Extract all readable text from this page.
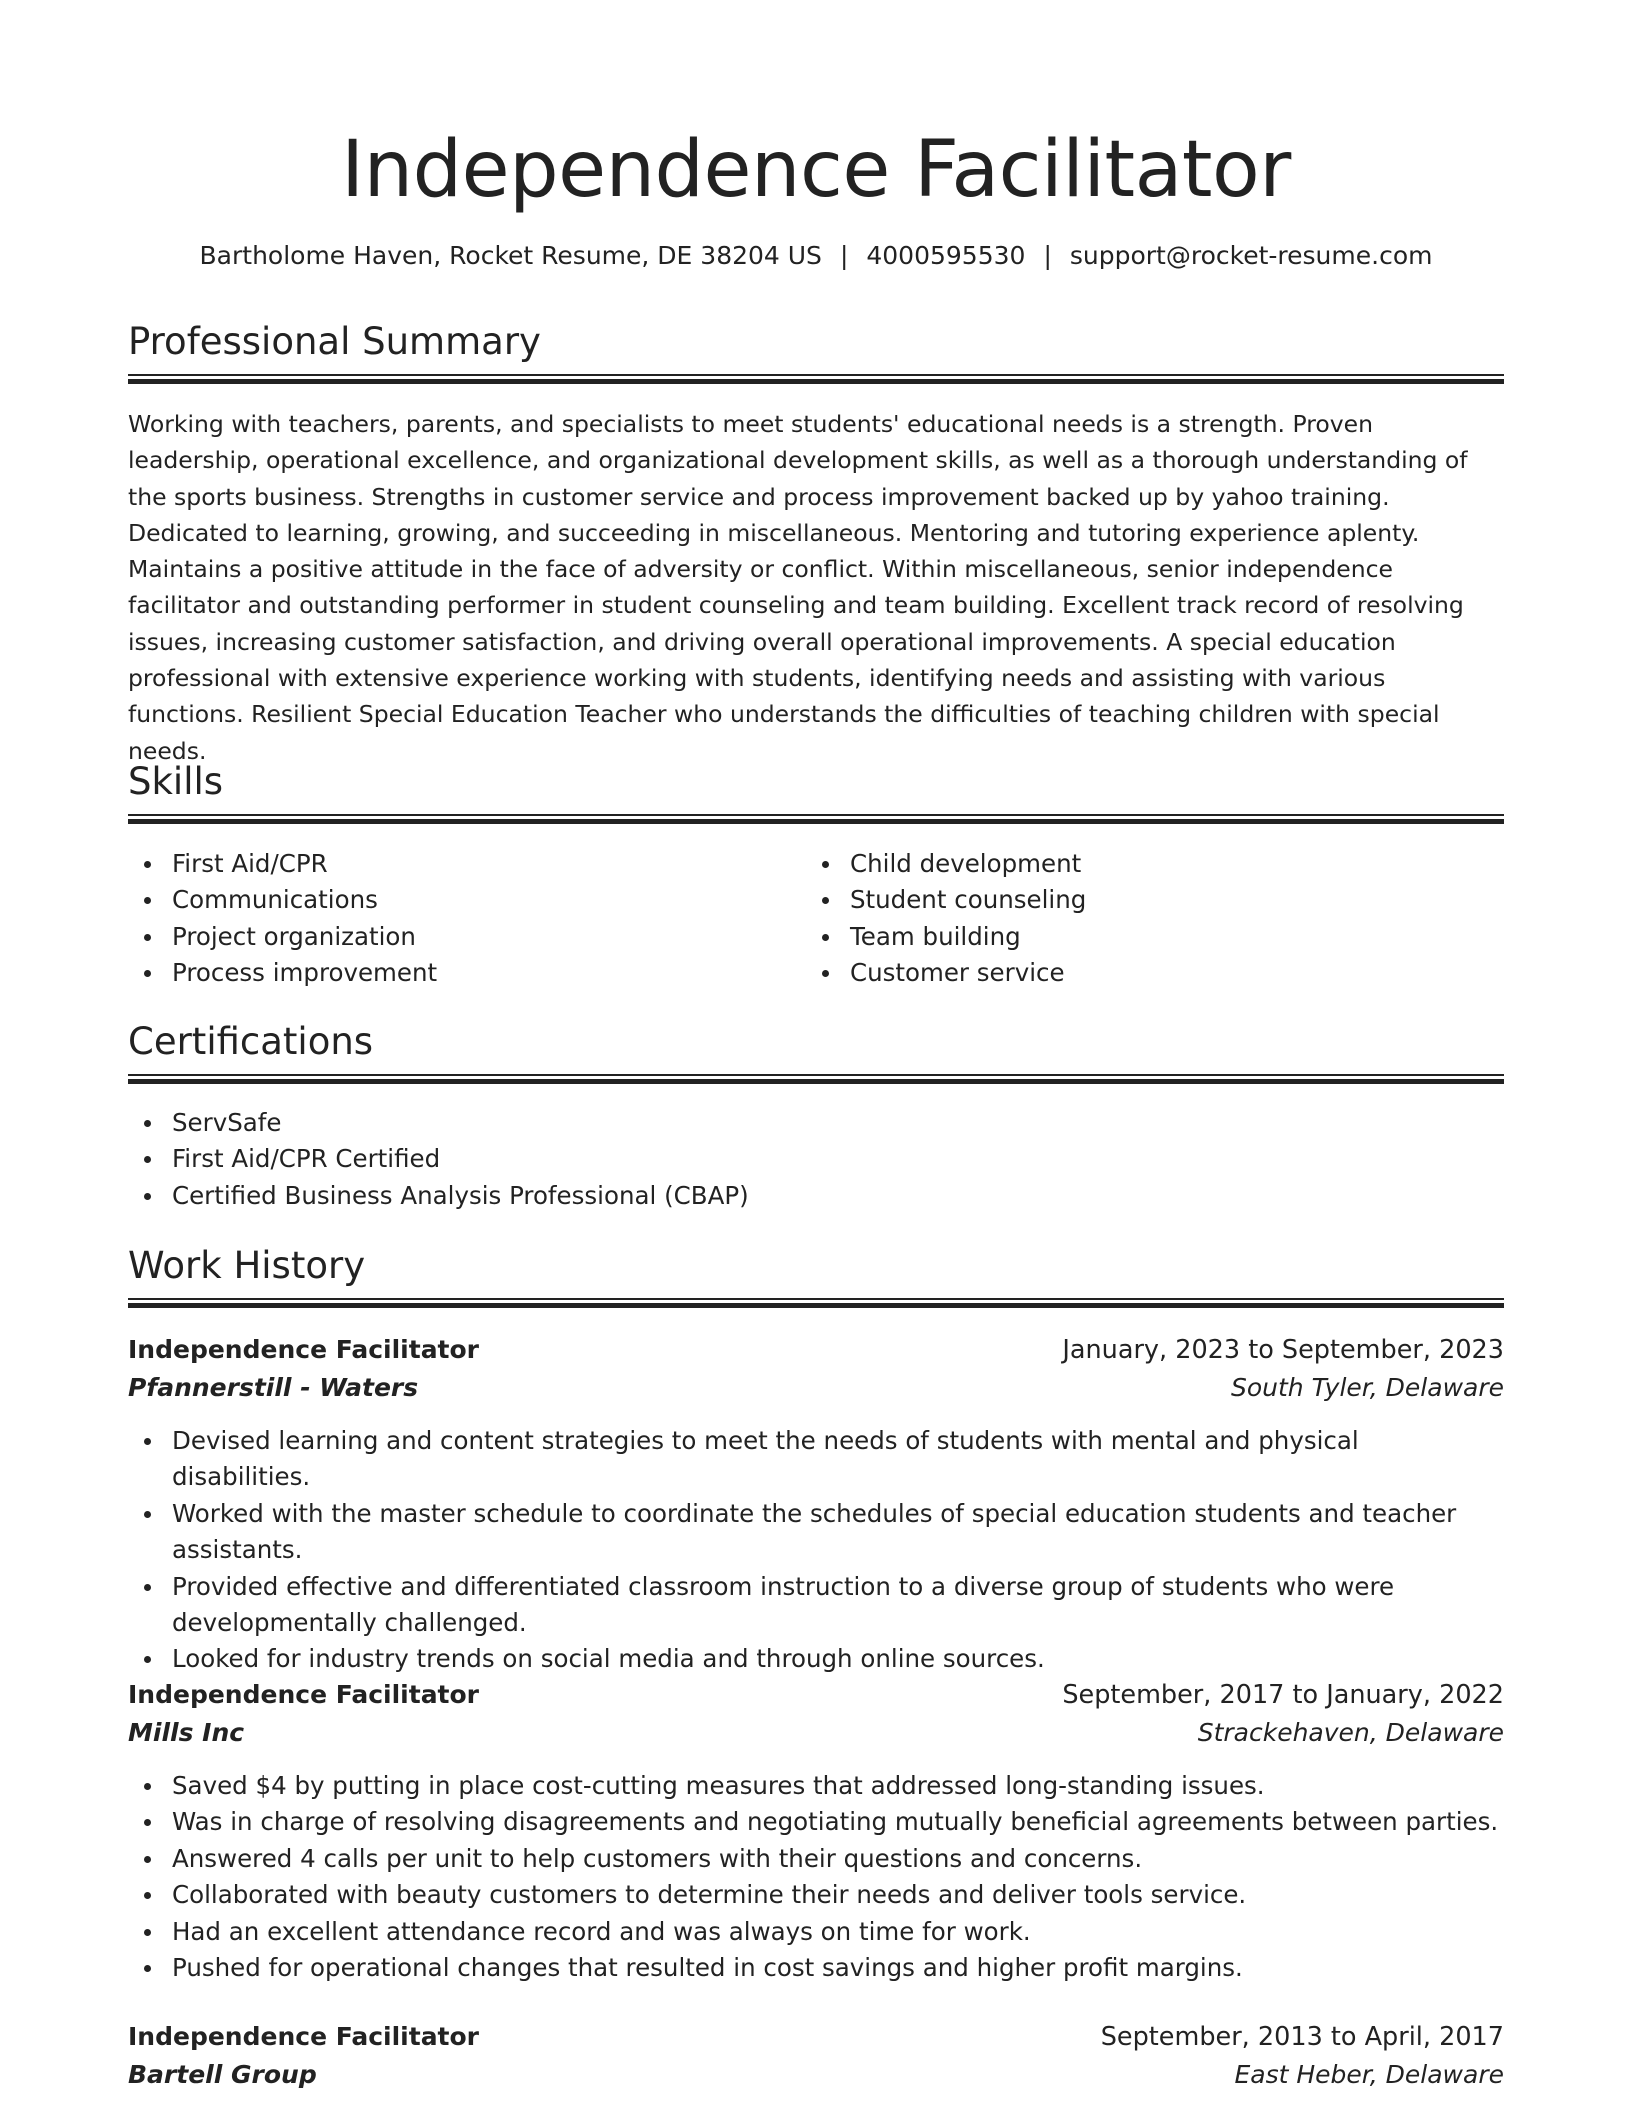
Independence Facilitator
Bartholome Haven, Rocket Resume, DE 38204 US | 4000595530 | support@rocket-resume.com
Professional Summary

Working with teachers, parents, and specialists to meet students' educational needs is a strength. Proven leadership, operational excellence, and organizational development skills, as well as a thorough understanding of the sports business. Strengths in customer service and process improvement backed up by yahoo training. Dedicated to learning, growing, and succeeding in miscellaneous. Mentoring and tutoring experience aplenty. Maintains a positive attitude in the face of adversity or conflict. Within miscellaneous, senior independence facilitator and outstanding performer in student counseling and team building. Excellent track record of resolving issues, increasing customer satisfaction, and driving overall operational improvements. A special education professional with extensive experience working with students, identifying needs and assisting with various functions. Resilient Special Education Teacher who understands the difficulties of teaching children with special needs.

Skills
First Aid/CPR
Communications
Project organization
Process improvement
Child development
Student counseling
Team building
Customer service
Certifications
ServSafe
First Aid/CPR Certified
Certified Business Analysis Professional (CBAP)
Work History
Independence Facilitator	January, 2023 to September, 2023
Pfannerstill - Waters	South Tyler, Delaware
Devised learning and content strategies to meet the needs of students with mental and physical disabilities.
Worked with the master schedule to coordinate the schedules of special education students and teacher assistants.
Provided effective and differentiated classroom instruction to a diverse group of students who were developmentally challenged.
Looked for industry trends on social media and through online sources.
Independence Facilitator	September, 2017 to January, 2022
Mills Inc	Strackehaven, Delaware
Saved $4 by putting in place cost-cutting measures that addressed long-standing issues.
Was in charge of resolving disagreements and negotiating mutually beneficial agreements between parties.
Answered 4 calls per unit to help customers with their questions and concerns.
Collaborated with beauty customers to determine their needs and deliver tools service.
Had an excellent attendance record and was always on time for work.
Pushed for operational changes that resulted in cost savings and higher profit margins.
Independence Facilitator	September, 2013 to April, 2017
Bartell Group	East Heber, Delaware
